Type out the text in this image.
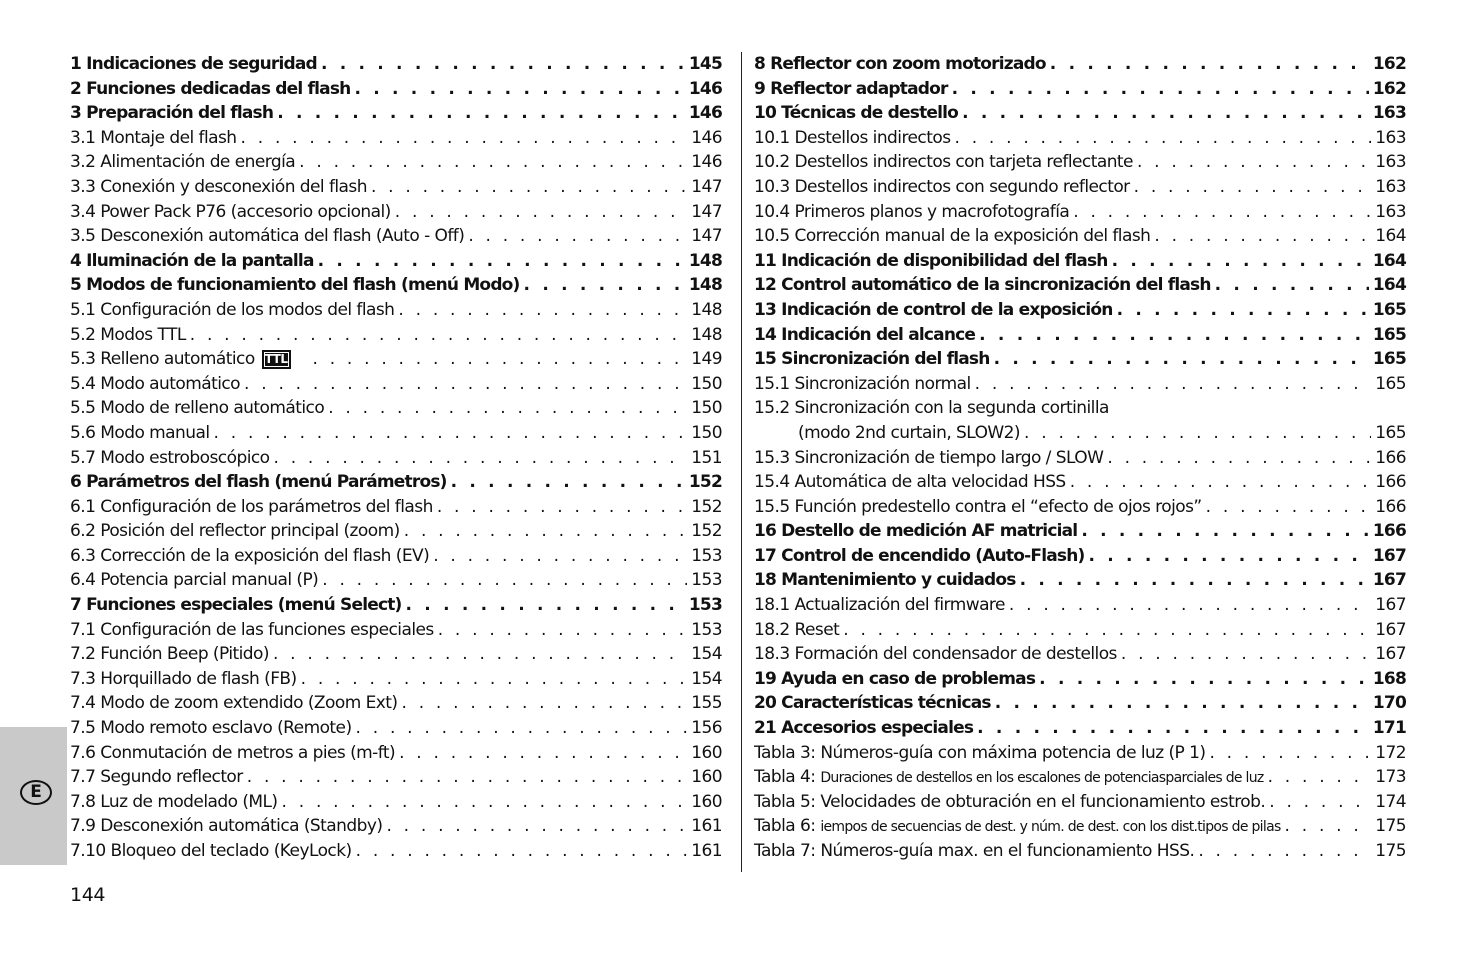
E
1 Indicaciones de seguridad . . .	145
2 Funciones dedicadas del flash . . .	146
3 Preparación del flash . . .	146
3.1 Montaje del flash . . .	146
3.2 Alimentación de energía . . .	146
3.3 Conexión y desconexión del flash . . .	147
3.4 Power Pack P76 (accesorio opcional) . . .	147
3.5 Desconexión automática del flash (Auto - Off) . . .	147
4 Iluminación de la pantalla . . .	148
5 Modos de funcionamiento del flash (menú Modo) . . .	148
5.1 Configuración de los modos del flash . . .	148
5.2 Modos TTL . . .	148
5.3 Relleno automático TTL . . .	149
5.4 Modo automático . . .	150
5.5 Modo de relleno automático . . .	150
5.6 Modo manual . . .	150
5.7 Modo estroboscópico . . .	151
6 Parámetros del flash (menú Parámetros) . . .	152
6.1 Configuración de los parámetros del flash . . .	152
6.2 Posición del reflector principal (zoom) . . .	152
6.3 Corrección de la exposición del flash (EV) . . .	153
6.4 Potencia parcial manual (P) . . .	153
7 Funciones especiales (menú Select) . . .	153
7.1 Configuración de las funciones especiales . . .	153
7.2 Función Beep (Pitido) . . .	154
7.3 Horquillado de flash (FB) . . .	154
7.4 Modo de zoom extendido (Zoom Ext) . . .	155
7.5 Modo remoto esclavo (Remote) . . .	156
7.6 Conmutación de metros a pies (m-ft) . . .	160
7.7 Segundo reflector . . .	160
7.8 Luz de modelado (ML) . . .	160
7.9 Desconexión automática (Standby) . . .	161
7.10 Bloqueo del teclado (KeyLock) . . .	161
8 Reflector con zoom motorizado . . .	162
9 Reflector adaptador . . .	162
10 Técnicas de destello . . .	163
10.1 Destellos indirectos . . .	163
10.2 Destellos indirectos con tarjeta reflectante . . .	163
10.3 Destellos indirectos con segundo reflector . . .	163
10.4 Primeros planos y macrofotografía . . .	163
10.5 Corrección manual de la exposición del flash . . .	164
11 Indicación de disponibilidad del flash . . .	164
12 Control automático de la sincronización del flash . . .	164
13 Indicación de control de la exposición . . .	165
14 Indicación del alcance . . .	165
15 Sincronización del flash . . .	165
15.1 Sincronización normal . . .	165
15.2 Sincronización con la segunda cortinilla
(modo 2nd curtain, SLOW2) . . .	165
15.3 Sincronización de tiempo largo / SLOW . . .	166
15.4 Automática de alta velocidad HSS . . .	166
15.5 Función predestello contra el “efecto de ojos rojos” . . .	166
16 Destello de medición AF matricial . . .	166
17 Control de encendido (Auto-Flash) . . .	167
18 Mantenimiento y cuidados . . .	167
18.1 Actualización del firmware . . .	167
18.2 Reset . . .	167
18.3 Formación del condensador de destellos . . .	167
19 Ayuda en caso de problemas . . .	168
20 Características técnicas . . .	170
21 Accesorios especiales . . .	171
Tabla 3: Números-guía con máxima potencia de luz (P 1) . . .	172
Tabla 4: Duraciones de destellos en los escalones de potenciasparciales de luz . . .	173
Tabla 5: Velocidades de obturación en el funcionamiento estrob. . . .	174
Tabla 6: iempos de secuencias de dest. y núm. de dest. con los dist.tipos de pilas . . .	175
Tabla 7: Números-guía max. en el funcionamiento HSS. . . .	175
144
